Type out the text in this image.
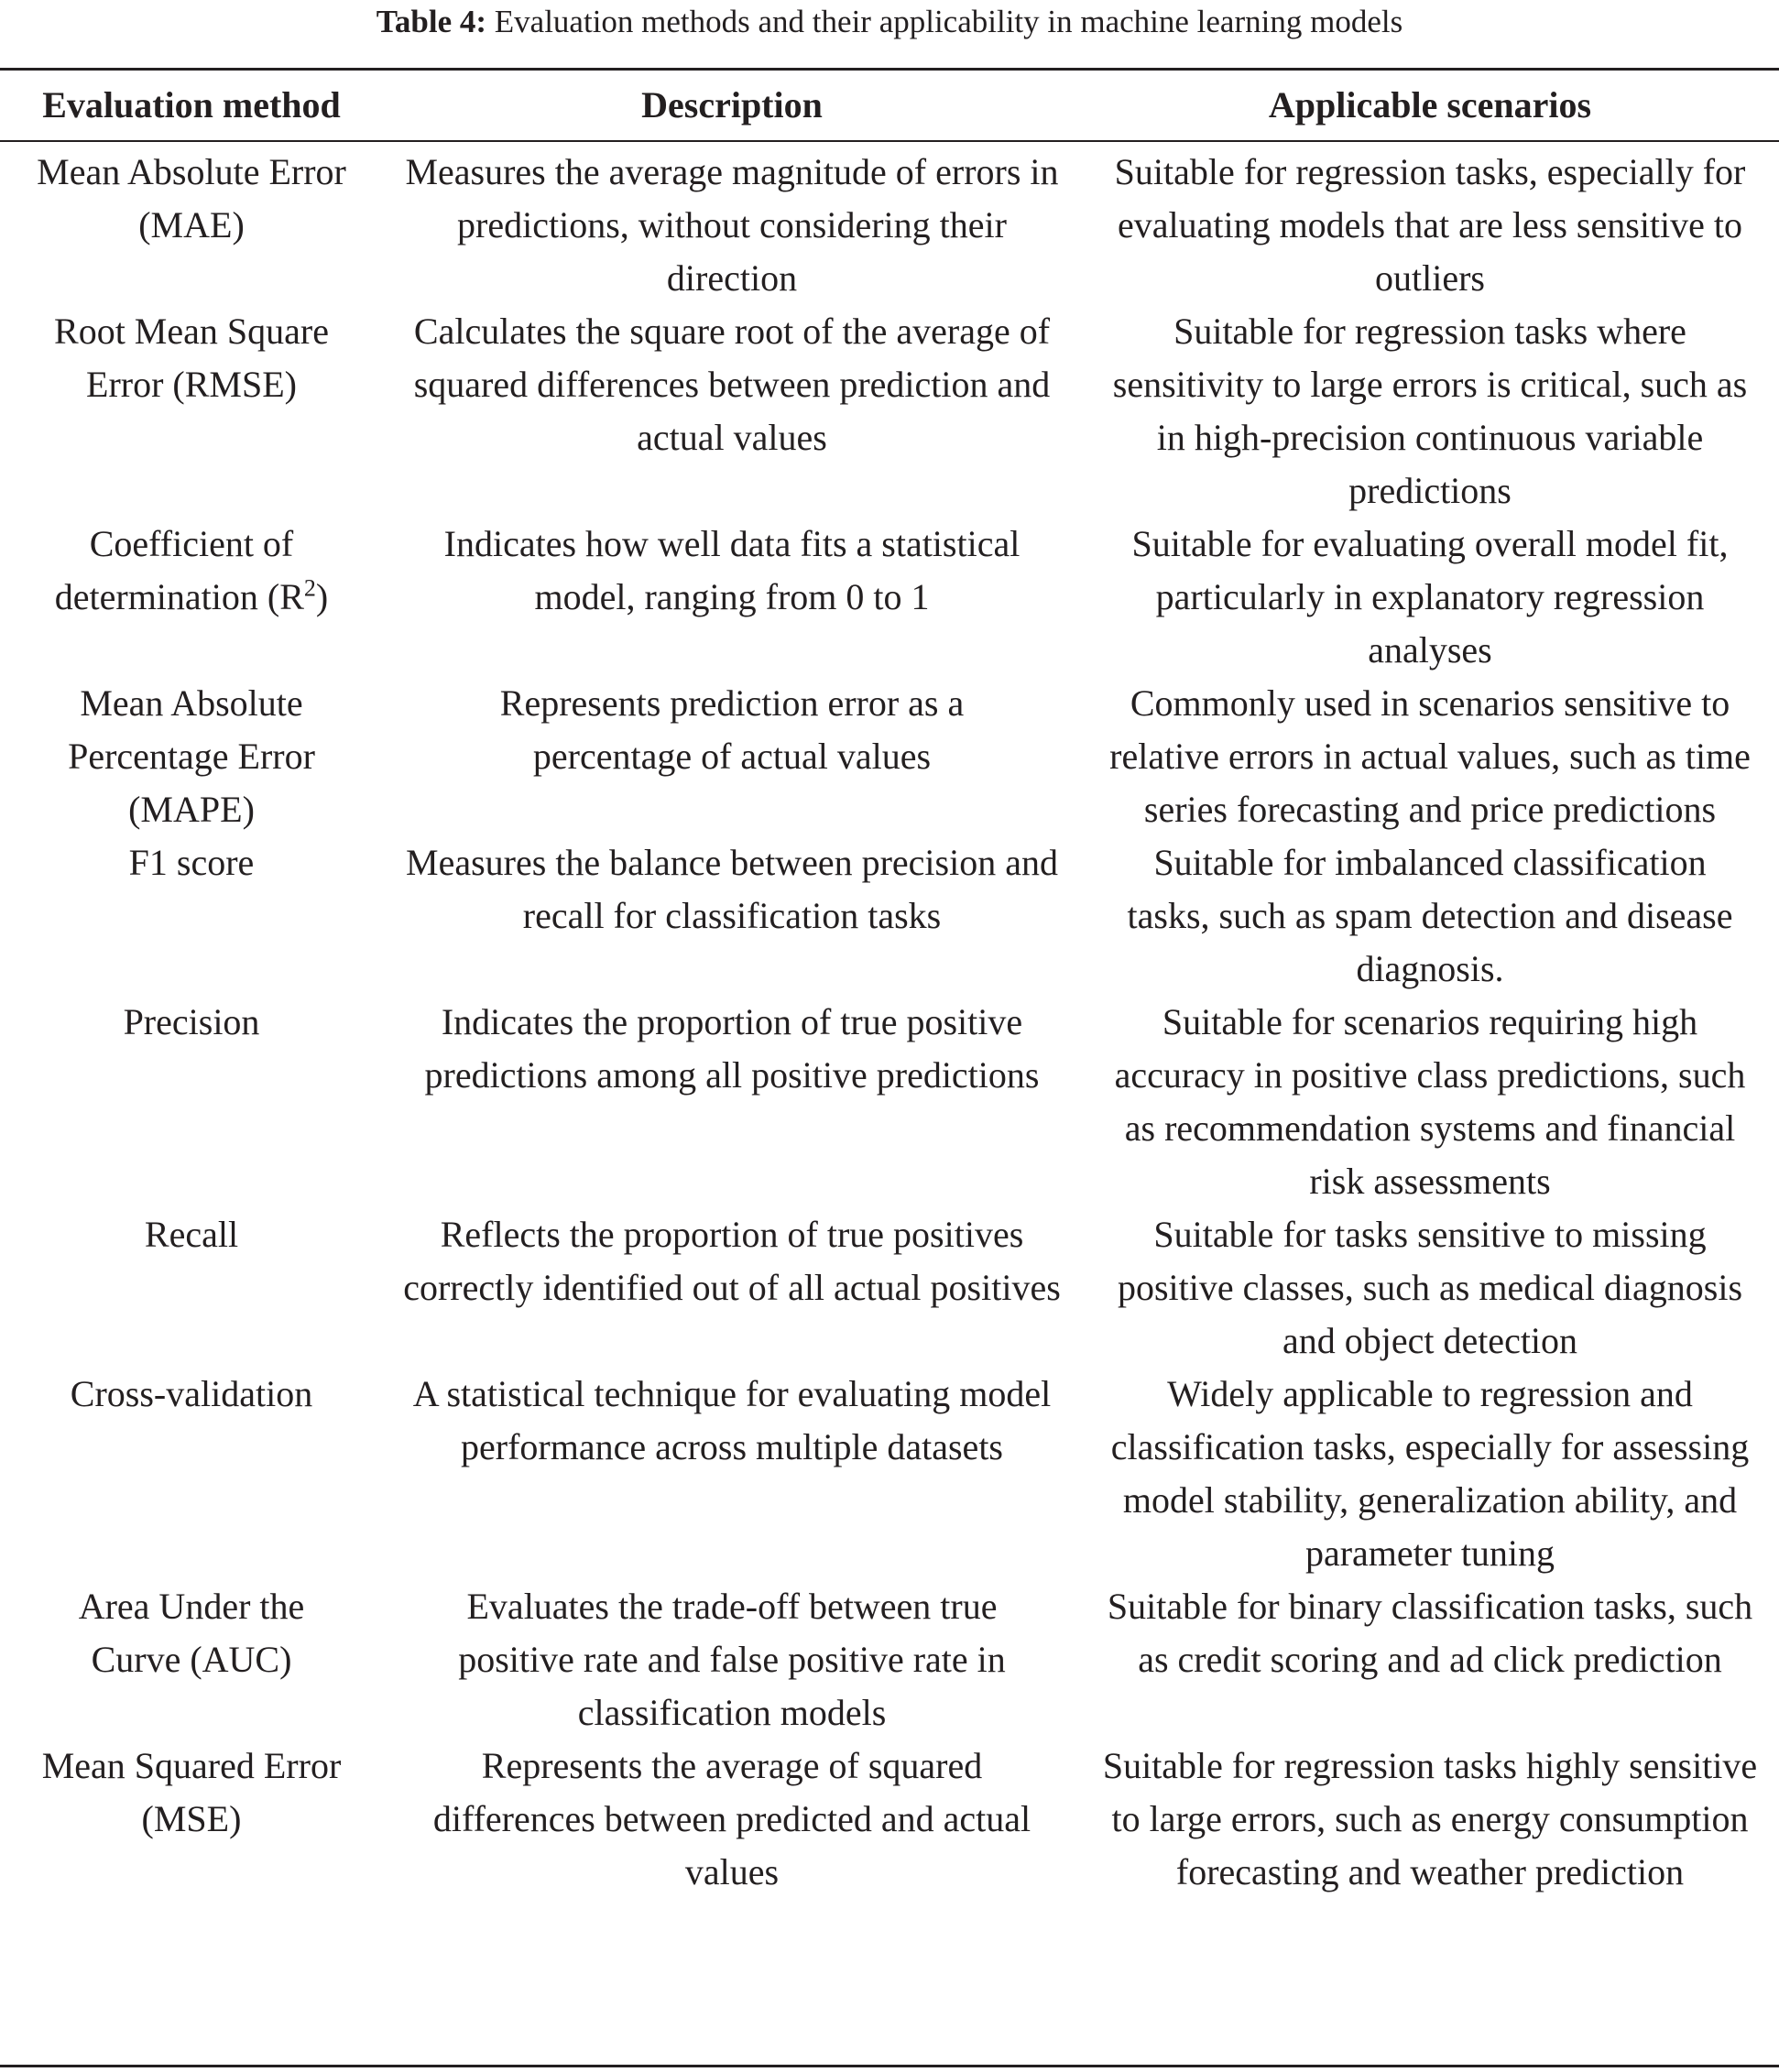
Table 4: Evaluation methods and their applicability in machine learning models
Evaluation method	Description	Applicable scenarios

Mean Absolute Error (MAE)	Measures the average magnitude of errors in predictions, without considering their direction	Suitable for regression tasks, especially for evaluating models that are less sensitive to outliers

Root Mean Square Error (RMSE)	Calculates the square root of the average of squared differences between prediction and actual values	Suitable for regression tasks where sensitivity to large errors is critical, such as in high-precision continuous variable predictions

Coefficient of determination $(R^2)$	Indicates how well data fits a statistical model, ranging from 0 to 1	Suitable for evaluating overall model fit, particularly in explanatory regression analyses

Mean Absolute Percentage Error (MAPE)	Represents prediction error as a percentage of actual values	Commonly used in scenarios sensitive to relative errors in actual values, such as time series forecasting and price predictions

F1 score	Measures the balance between precision and recall for classification tasks	Suitable for imbalanced classification tasks, such as spam detection and disease diagnosis.

Precision	Indicates the proportion of true positive predictions among all positive predictions	Suitable for scenarios requiring high accuracy in positive class predictions, such as recommendation systems and financial risk assessments

Recall	Reflects the proportion of true positives correctly identified out of all actual positives	Suitable for tasks sensitive to missing positive classes, such as medical diagnosis and object detection

Cross-validation	A statistical technique for evaluating model performance across multiple datasets	Widely applicable to regression and classification tasks, especially for assessing model stability, generalization ability, and parameter tuning

Area Under the Curve (AUC)	Evaluates the trade-off between true positive rate and false positive rate in classification models	Suitable for binary classification tasks, such as credit scoring and ad click prediction

Mean Squared Error (MSE)	Represents the average of squared differences between predicted and actual values	Suitable for regression tasks highly sensitive to large errors, such as energy consumption forecasting and weather prediction
